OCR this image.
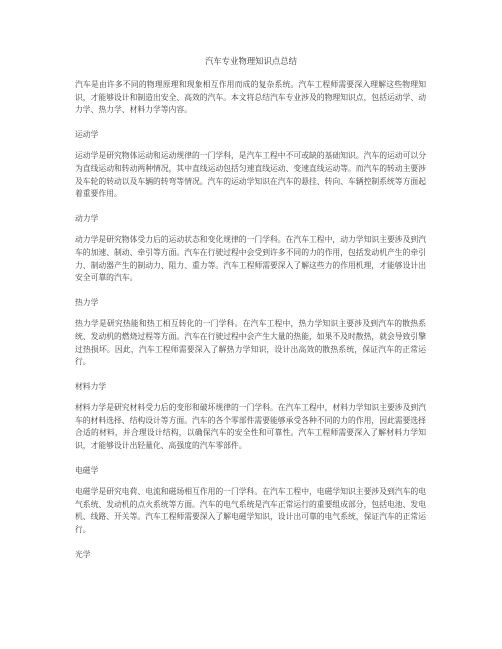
汽车专业物理知识点总结

汽车是由许多不同的物理原理和现象相互作用而成的复杂系统。汽车工程师需要深入理解这些物理知识，才能够设计和制造出安全、高效的汽车。本文将总结汽车专业涉及的物理知识点，包括运动学、动力学、热力学、材料力学等内容。

运动学

运动学是研究物体运动和运动规律的一门学科，是汽车工程中不可或缺的基础知识。汽车的运动可以分为直线运动和转动两种情况，其中直线运动包括匀速直线运动、变速直线运动等。而汽车的转动主要涉及车轮的转动以及车辆的转弯等情况。汽车的运动学知识在汽车的悬挂、转向、车辆控制系统等方面起着重要作用。

动力学

动力学是研究物体受力后的运动状态和变化规律的一门学科。在汽车工程中，动力学知识主要涉及到汽车的加速、制动、牵引等方面。汽车在行驶过程中会受到许多不同的力的作用，包括发动机产生的牵引力、制动器产生的制动力、阻力、重力等。汽车工程师需要深入了解这些力的作用机理，才能够设计出安全可靠的汽车。

热力学

热力学是研究热能和热工相互转化的一门学科。在汽车工程中，热力学知识主要涉及到汽车的散热系统、发动机的燃烧过程等方面。汽车在行驶过程中会产生大量的热能，如果不及时散热，就会导致引擎过热损坏。因此，汽车工程师需要深入了解热力学知识，设计出高效的散热系统，保证汽车的正常运行。

材料力学

材料力学是研究材料受力后的变形和破坏规律的一门学科。在汽车工程中，材料力学知识主要涉及到汽车的材料选择、结构设计等方面。汽车的各个零部件需要能够承受各种不同的力的作用，因此需要选择合适的材料，并合理设计结构，以确保汽车的安全性和可靠性。汽车工程师需要深入了解材料力学知识，才能够设计出轻量化、高强度的汽车零部件。

电磁学

电磁学是研究电荷、电流和磁场相互作用的一门学科。在汽车工程中，电磁学知识主要涉及到汽车的电气系统、发动机的点火系统等方面。汽车的电气系统是汽车正常运行的重要组成部分，包括电池、发电机、线路、开关等。汽车工程师需要深入了解电磁学知识，设计出可靠的电气系统，保证汽车的正常运行。

光学
